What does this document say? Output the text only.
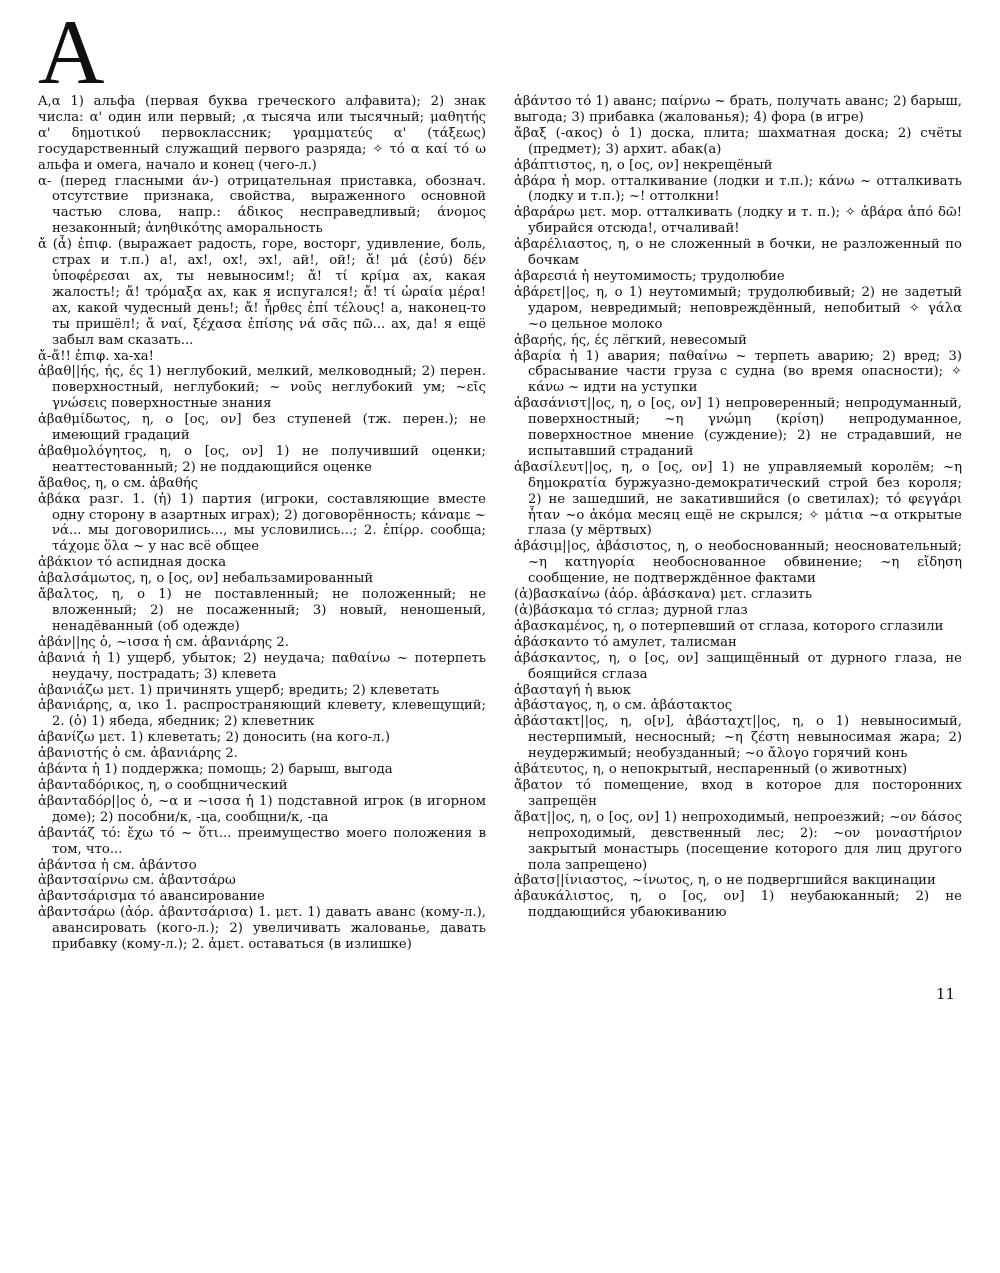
A

Α,α 1) альфа (первая буква греческого алфавита); 2) знак числа: α' один или первый; ,α тысяча или тысячный; μαθητής α' δημοτικού первоклассник; γραμματεύς α' (τάξεως) государственный служащий первого разряда; ✧ τό α καί τό ω альфа и омега, начало и конец (чего-л.)

α- (перед гласными άν-) отрицательная приставка, обознач. отсутствие признака, свойства, выраженного основной частью слова, напр.: άδικος несправедливый; άνομος незаконный; ἀνηθικότης аморальность

ἄ (ἆ) ἐπιφ. (выражает радость, горе, восторг, удивление, боль, страх и т.п.) а!, ах!, ох!, эх!, ай!, ой!; ἄ! μά (ἐσύ) δέν ὑποφέρεσαι ах, ты невыносим!; ἄ! τί κρίμα ах, какая жалость!; ἄ! τρόμαξα ах, как я испугался!; ἄ! τί ὡραία μέρα! ах, какой чудесный день!; ἄ! ἦρθες ἐπί τέλους! а, наконец-то ты пришёл!; ἄ ναί, ξέχασα ἐπίσης νά σᾶς πῶ... ах, да! я ещё забыл вам сказать...

ἄ-ἄ!! ἐπιφ. ха-ха!

ἀβαθ||ής, ής, ές 1) неглубокий, мелкий, мелководный; 2) перен. поверхностный, неглубокий; ~ νοῦς неглубокий ум; ~εῖς γνώσεις поверхностные знания

ἀβαθμίδωτος, η, ο [ος, ον] без ступеней (тж. перен.); не имеющий градаций

ἀβαθμολόγητος, η, ο [ος, ον] 1) не получивший оценки; неаттестованный; 2) не поддающийся оценке

ἄβαθος, η, ο см. ἀβαθής

ἀβάκα разг. 1. (ἡ) 1) партия (игроки, составляющие вместе одну сторону в азартных играх); 2) договорённость; κάναμε ~ νά... мы договорились..., мы условились...; 2. ἐπίρρ. сообща; τάχομε ὅλα ~ у нас всё общее

ἀβάκιον τό аспидная доска

ἀβαλσάμωτος, η, ο [ος, ον] небальзамированный

ἄβαλτος, η, ο 1) не поставленный; не положенный; не вложенный; 2) не посаженный; 3) новый, неношеный, ненадёванный (об одежде)

ἀβάν||ης ὁ, ~ισσα ἡ см. ἀβανιάρης 2.

ἀβανιά ἡ 1) ущерб, убыток; 2) неудача; παθαίνω ~ потерпеть неудачу, пострадать; 3) клевета

ἀβανιάζω μετ. 1) причинять ущерб; вредить; 2) клеветать

ἀβανιάρης, α, ικο 1. распространяющий клевету, клевещущий; 2. (ὁ) 1) ябеда, ябедник; 2) клеветник

ἀβανίζω μετ. 1) клеветать; 2) доносить (на кого-л.)

ἀβανιστής ὁ см. ἀβανιάρης 2.

ἀβάντα ἡ 1) поддержка; помощь; 2) барыш, выгода

ἀβανταδόρικος, η, ο сообщнический

ἀβανταδόρ||ος ὁ, ~α и ~ισσα ἡ 1) подставной игрок (в игорном доме); 2) пособни/к, -ца, сообщни/к, -ца

ἀβαντάζ τό: ἔχω τό ~ ὅτι... преимущество моего положения в том, что...

ἀβάντσα ἡ см. ἀβάντσο

ἀβαντσαίρνω см. ἀβαντσάρω

ἀβαντσάρισμα τό авансирование

ἀβαντσάρω (ἀόρ. ἀβαντσάρισα) 1. μετ. 1) давать аванс (кому-л.), авансировать (кого-л.); 2) увеличивать жалованье, давать прибавку (кому-л.); 2. ἀμετ. оставаться (в излишке)

ἀβάντσο τό 1) аванс; παίρνω ~ брать, получать аванс; 2) барыш, выгода; 3) прибавка (жалованья); 4) фора (в игре)

ἄβαξ (-ακος) ὁ 1) доска, плита; шахматная доска; 2) счёты (предмет); 3) архит. абак(а)

ἀβάπτιστος, η, ο [ος, ον] некрещёный

ἀβάρα ἡ мор. отталкивание (лодки и т.п.); κάνω ~ отталкивать (лодку и т.п.); ~! оттолкни!

ἀβαράρω μετ. мор. отталкивать (лодку и т. п.); ✧ ἀβάρα ἀπό δῶ! убирайся отсюда!, отчаливай!

ἀβαρέλιαστος, η, ο не сложенный в бочки, не разложенный по бочкам

ἀβαρεσιά ἡ неутомимость; трудолюбие

ἀβάρετ||ος, η, ο 1) неутомимый; трудолюбивый; 2) не задетый ударом, невредимый; неповреждённый, непобитый ✧ γάλα ~ο цельное молоко

ἀβαρής, ής, ές лёгкий, невесомый

ἀβαρία ἡ 1) авария; παθαίνω ~ терпеть аварию; 2) вред; 3) сбрасывание части груза с судна (во время опасности); ✧ κάνω ~ идти на уступки

ἀβασάνιστ||ος, η, ο [ος, ον] 1) непроверенный; непродуманный, поверхностный; ~η γνώμη (κρίση) непродуманное, поверхностное мнение (суждение); 2) не страдавший, не испытавший страданий

ἀβασίλευτ||ος, η, ο [ος, ον] 1) не управляемый королём; ~η δημοκρατία буржуазно-демократический строй без короля; 2) не зашедший, не закатившийся (о светилах); τό φεγγάρι ἦταν ~ο ἀκόμα месяц ещё не скрылся; ✧ μάτια ~α открытые глаза (у мёртвых)

ἀβάσιμ||ος, ἀβάσιστος, η, ο необоснованный; неосновательный; ~η κατηγορία необоснованное обвинение; ~η εἴδηση сообщение, не подтверждённое фактами

(ἀ)βασκαίνω (ἀόρ. ἀβάσκανα) μετ. сглазить

(ἀ)βάσκαμα τό сглаз; дурной глаз

ἀβασκαμένος, η, ο потерпевший от сглаза, которого сглазили

ἀβάσκαντο τό амулет, талисман

ἀβάσκαντος, η, ο [ος, ον] защищённый от дурного глаза, не боящийся сглаза

ἀβασταγή ἡ вьюк

ἀβάσταγος, η, ο см. ἀβάστακτος

ἀβάστακτ||ος, η, ο[ν], ἀβάσταχτ||ος, η, ο 1) невыносимый, нестерпимый, несносный; ~η ζέστη невыносимая жара; 2) неудержимый; необузданный; ~ο ἄλογο горячий конь

ἀβάτευτος, η, ο непокрытый, неспаренный (о животных)

ἄβατον τό помещение, вход в которое для посторонних запрещён

ἄβατ||ος, η, ο [ος, ον] 1) непроходимый, непроезжий; ~ον δάσος непроходимый, девственный лес; 2): ~ον μοναστήριον закрытый монастырь (посещение которого для лиц другого пола запрещено)

ἀβατσ||ίνιαστος, ~ίνωτος, η, ο не подвергшийся вакцинации

ἀβαυκάλιστος, η, ο [ος, ον] 1) неубаюканный; 2) не поддающийся убаюкиванию

11
